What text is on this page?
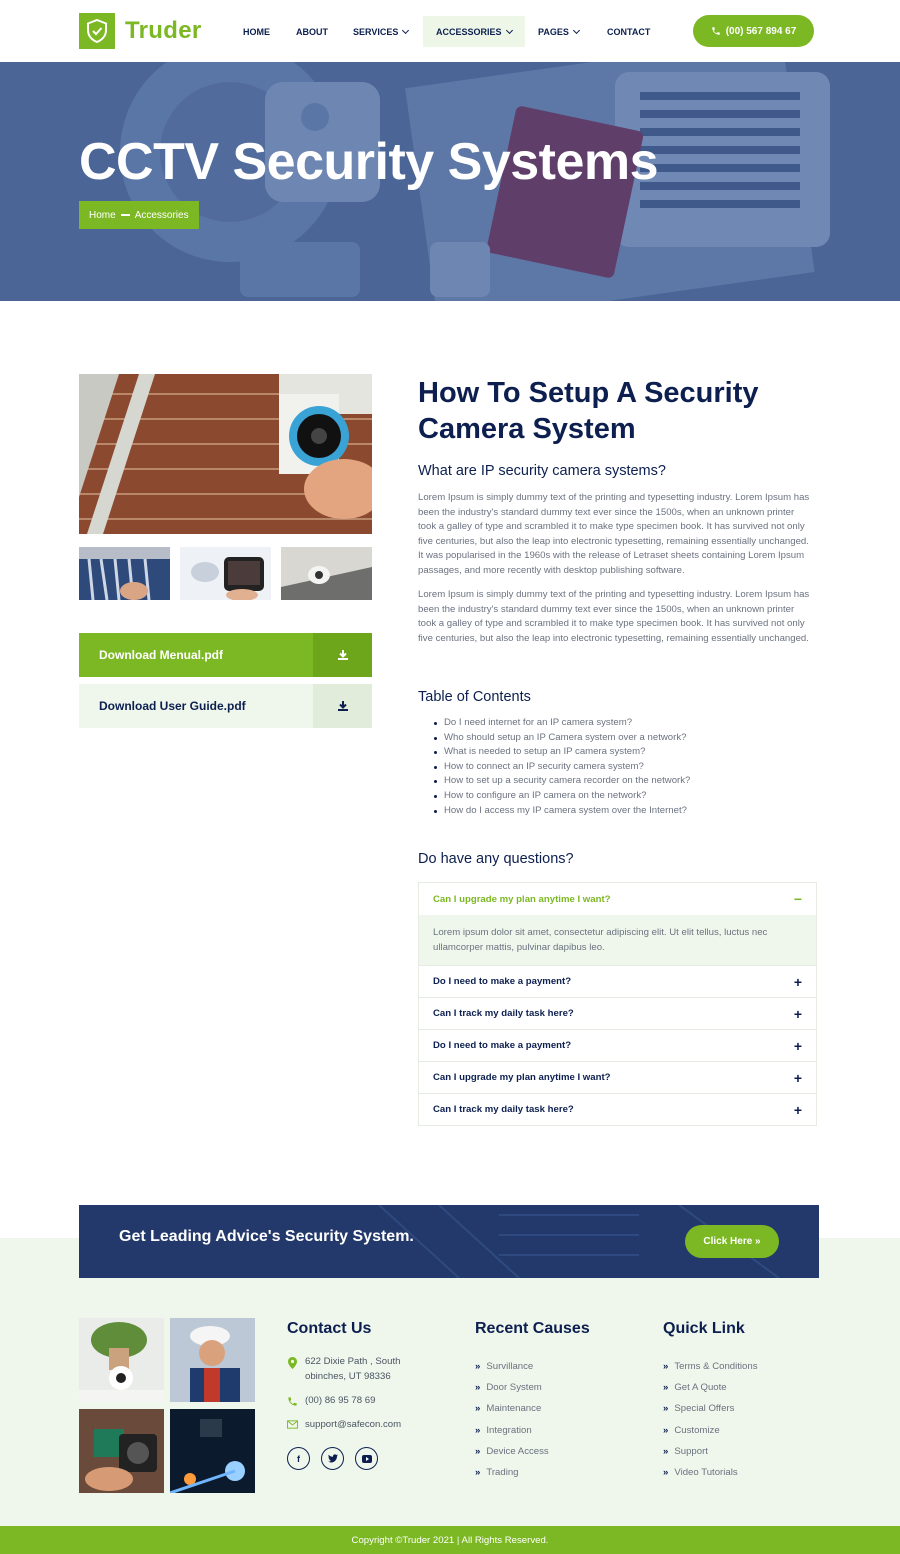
Truder	HOME	ABOUT	SERVICES	ACCESSORIES	PAGES	CONTACT	(00) 567 894 67
CCTV Security Systems
Home Accessories
Download Menual.pdf
Download User Guide.pdf
How To Setup A Security
Camera System
What are IP security camera systems?

Lorem Ipsum is simply dummy text of the printing and typesetting industry. Lorem Ipsum has been the industry's standard dummy text ever since the 1500s, when an unknown printer took a galley of type and scrambled it to make type specimen book. It has survived not only five centuries, but also the leap into electronic typesetting, remaining essentially unchanged. It was popularised in the 1960s with the release of Letraset sheets containing Lorem Ipsum passages, and more recently with desktop publishing software.

Lorem Ipsum is simply dummy text of the printing and typesetting industry. Lorem Ipsum has been the industry's standard dummy text ever since the 1500s, when an unknown printer took a galley of type and scrambled it to make type specimen book. It has survived not only five centuries, but also the leap into electronic typesetting, remaining essentially unchanged.

Table of Contents
Do I need internet for an IP camera system?
Who should setup an IP Camera system over a network?
What is needed to setup an IP camera system?
How to connect an IP security camera system?
How to set up a security camera recorder on the network?
How to configure an IP camera on the network?
How do I access my IP camera system over the Internet?
Do have any questions?
Can I upgrade my plan anytime I want?	−
Lorem ipsum dolor sit amet, consectetur adipiscing elit. Ut elit tellus, luctus nec ullamcorper mattis, pulvinar dapibus leo.
Do I need to make a payment?	+
Can I track my daily task here?	+
Do I need to make a payment?	+
Can I upgrade my plan anytime I want?	+
Can I track my daily task here?	+
Get Leading Advice's Security System.	Click Here »
Contact Us
622 Dixie Path , South
obinches, UT 98336
(00) 86 95 78 69
support@safecon.com
f
Recent Causes
» Survillance
» Door System
» Maintenance
» Integration
» Device Access
» Trading
Quick Link
» Terms & Conditions
» Get A Quote
» Special Offers
» Customize
» Support
» Video Tutorials
Copyright ©Truder 2021 | All Rights Reserved.
